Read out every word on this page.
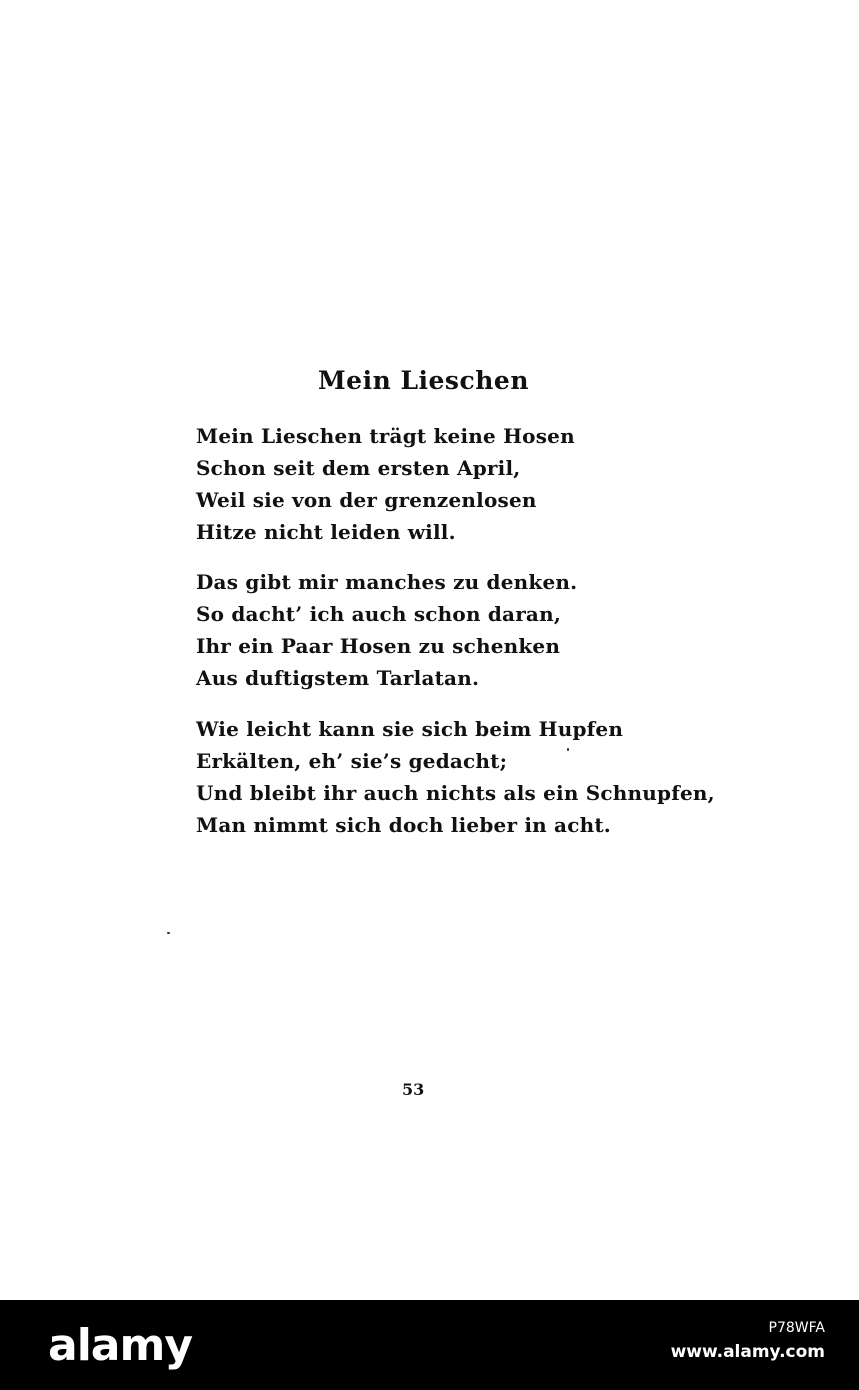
Mein Lieschen
Mein Lieschen trägt keine Hosen
Schon seit dem ersten April,
Weil sie von der grenzenlosen
Hitze nicht leiden will.
Das gibt mir manches zu denken.
So dacht’ ich auch schon daran,
Ihr ein Paar Hosen zu schenken
Aus duftigstem Tarlatan.
Wie leicht kann sie sich beim Hupfen
Erkälten, eh’ sie’s gedacht;
Und bleibt ihr auch nichts als ein Schnupfen,
Man nimmt sich doch lieber in acht.
53
alamy	P78WFA
www.alamy.com
